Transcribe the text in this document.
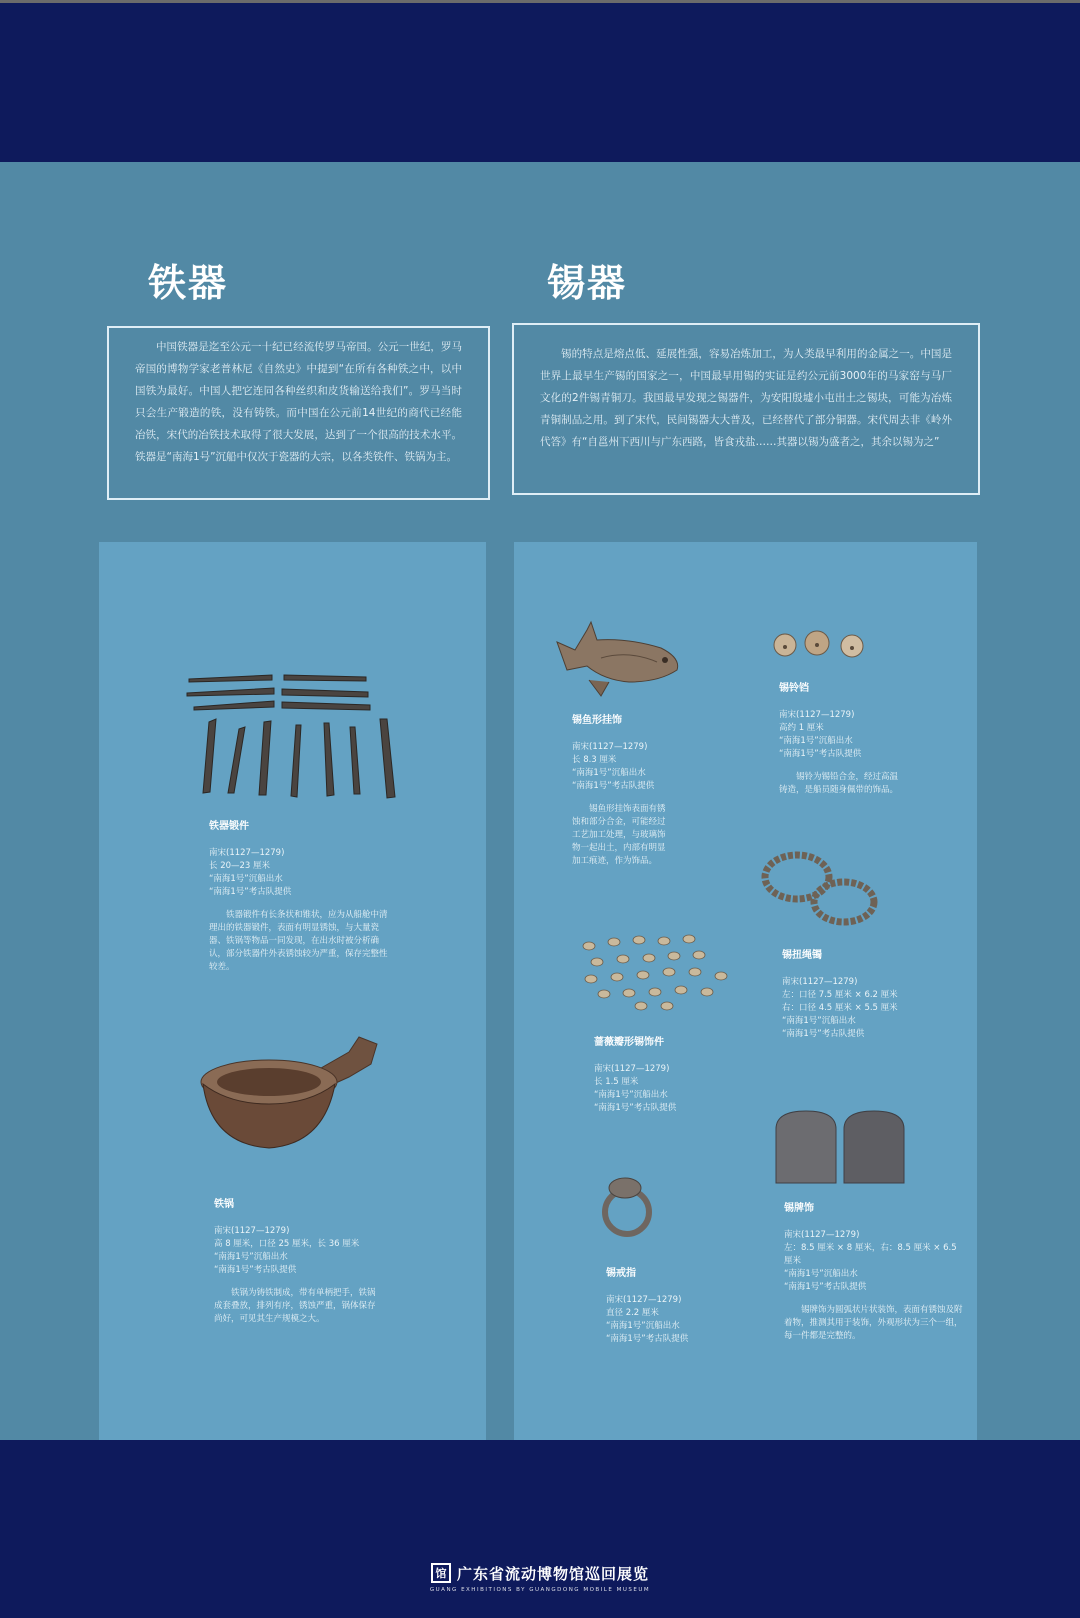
铁器	锡器
中国铁器是迄至公元一十纪已经流传罗马帝国。公元一世纪，罗马帝国的博物学家老普林尼《自然史》中提到“在所有各种铁之中，以中国铁为最好。中国人把它连同各种丝织和皮货输送给我们”。罗马当时只会生产锻造的铁，没有铸铁。而中国在公元前14世纪的商代已经能冶铁，宋代的冶铁技术取得了很大发展，达到了一个很高的技术水平。铁器是“南海1号”沉船中仅次于瓷器的大宗，以各类铁件、铁锅为主。
锡的特点是熔点低、延展性强，容易冶炼加工，为人类最早利用的金属之一。中国是世界上最早生产锡的国家之一，中国最早用锡的实证是约公元前3000年的马家窑与马厂文化的2件锡青铜刀。我国最早发现之锡器件，为安阳殷墟小屯出土之锡块，可能为冶炼青铜制品之用。到了宋代，民间锡器大大普及，已经替代了部分铜器。宋代周去非《岭外代答》有“自邕州下西川与广东西路，皆食戎盐……其器以锡为盛者之，其余以锡为之”
铁器锻件
南宋(1127—1279)
长 20—23 厘米
“南海1号”沉船出水
“南海1号”考古队提供
铁器锻件有长条状和锥状，应为从船舱中清理出的铁器锻件，表面有明显锈蚀，与大量瓷器、铁锅等物品一同发现，在出水时被分析确认，部分铁器件外表锈蚀较为严重，保存完整性较差。
铁锅
南宋(1127—1279)
高 8 厘米，口径 25 厘米，长 36 厘米
“南海1号”沉船出水
“南海1号”考古队提供
铁锅为铸铁制成，带有单柄把手，铁锅成套叠放，排列有序，锈蚀严重，锅体保存尚好，可见其生产规模之大。
锡鱼形挂饰
南宋(1127—1279)
长 8.3 厘米
“南海1号”沉船出水
“南海1号”考古队提供
锡鱼形挂饰表面有锈蚀和部分合金，可能经过工艺加工处理，与玻璃饰物一起出土，内部有明显加工痕迹，作为饰品。
锡铃铛
南宋(1127—1279)
高约 1 厘米
“南海1号”沉船出水
“南海1号”考古队提供
锡铃为锡铅合金，经过高温铸造，是船员随身佩带的饰品。
锡扭绳镯
南宋(1127—1279)
左：口径 7.5 厘米 × 6.2 厘米
右：口径 4.5 厘米 × 5.5 厘米
“南海1号”沉船出水
“南海1号”考古队提供
蔷薇瓣形锡饰件
南宋(1127—1279)
长 1.5 厘米
“南海1号”沉船出水
“南海1号”考古队提供
锡牌饰
南宋(1127—1279)
左：8.5 厘米 × 8 厘米，右：8.5 厘米 × 6.5 厘米
“南海1号”沉船出水
“南海1号”考古队提供
锡牌饰为圆弧状片状装饰，表面有锈蚀及附着物，推测其用于装饰，外观形状为三个一组，每一件都是完整的。
锡戒指
南宋(1127—1279)
直径 2.2 厘米
“南海1号”沉船出水
“南海1号”考古队提供
馆 广东省流动博物馆巡回展览
GUANG EXHIBITIONS BY GUANGDONG MOBILE MUSEUM
